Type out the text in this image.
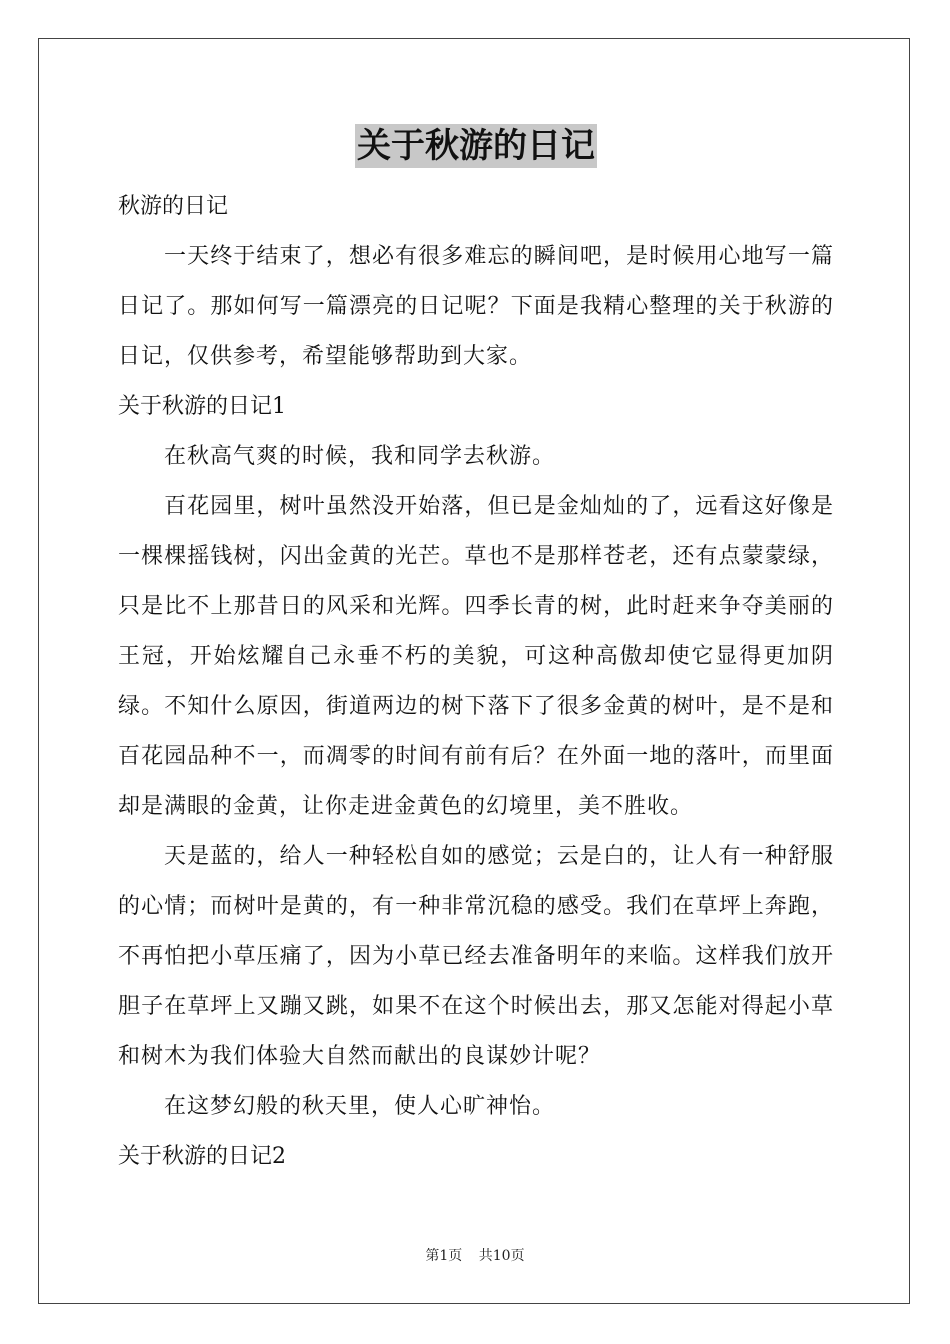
关于秋游的日记

秋游的日记

一天终于结束了，想必有很多难忘的瞬间吧，是时候用心地写一篇日记了。那如何写一篇漂亮的日记呢？下面是我精心整理的关于秋游的日记，仅供参考，希望能够帮助到大家。

关于秋游的日记1

在秋高气爽的时候，我和同学去秋游。

百花园里，树叶虽然没开始落，但已是金灿灿的了，远看这好像是一棵棵摇钱树，闪出金黄的光芒。草也不是那样苍老，还有点蒙蒙绿，只是比不上那昔日的风采和光辉。四季长青的树，此时赶来争夺美丽的王冠，开始炫耀自己永垂不朽的美貌，可这种高傲却使它显得更加阴绿。不知什么原因，街道两边的树下落下了很多金黄的树叶，是不是和百花园品种不一，而凋零的时间有前有后？在外面一地的落叶，而里面却是满眼的金黄，让你走进金黄色的幻境里，美不胜收。

天是蓝的，给人一种轻松自如的感觉；云是白的，让人有一种舒服的心情；而树叶是黄的，有一种非常沉稳的感受。我们在草坪上奔跑，不再怕把小草压痛了，因为小草已经去准备明年的来临。这样我们放开胆子在草坪上又蹦又跳，如果不在这个时候出去，那又怎能对得起小草和树木为我们体验大自然而献出的良谋妙计呢？

在这梦幻般的秋天里，使人心旷神怡。

关于秋游的日记2

第1页 共10页
